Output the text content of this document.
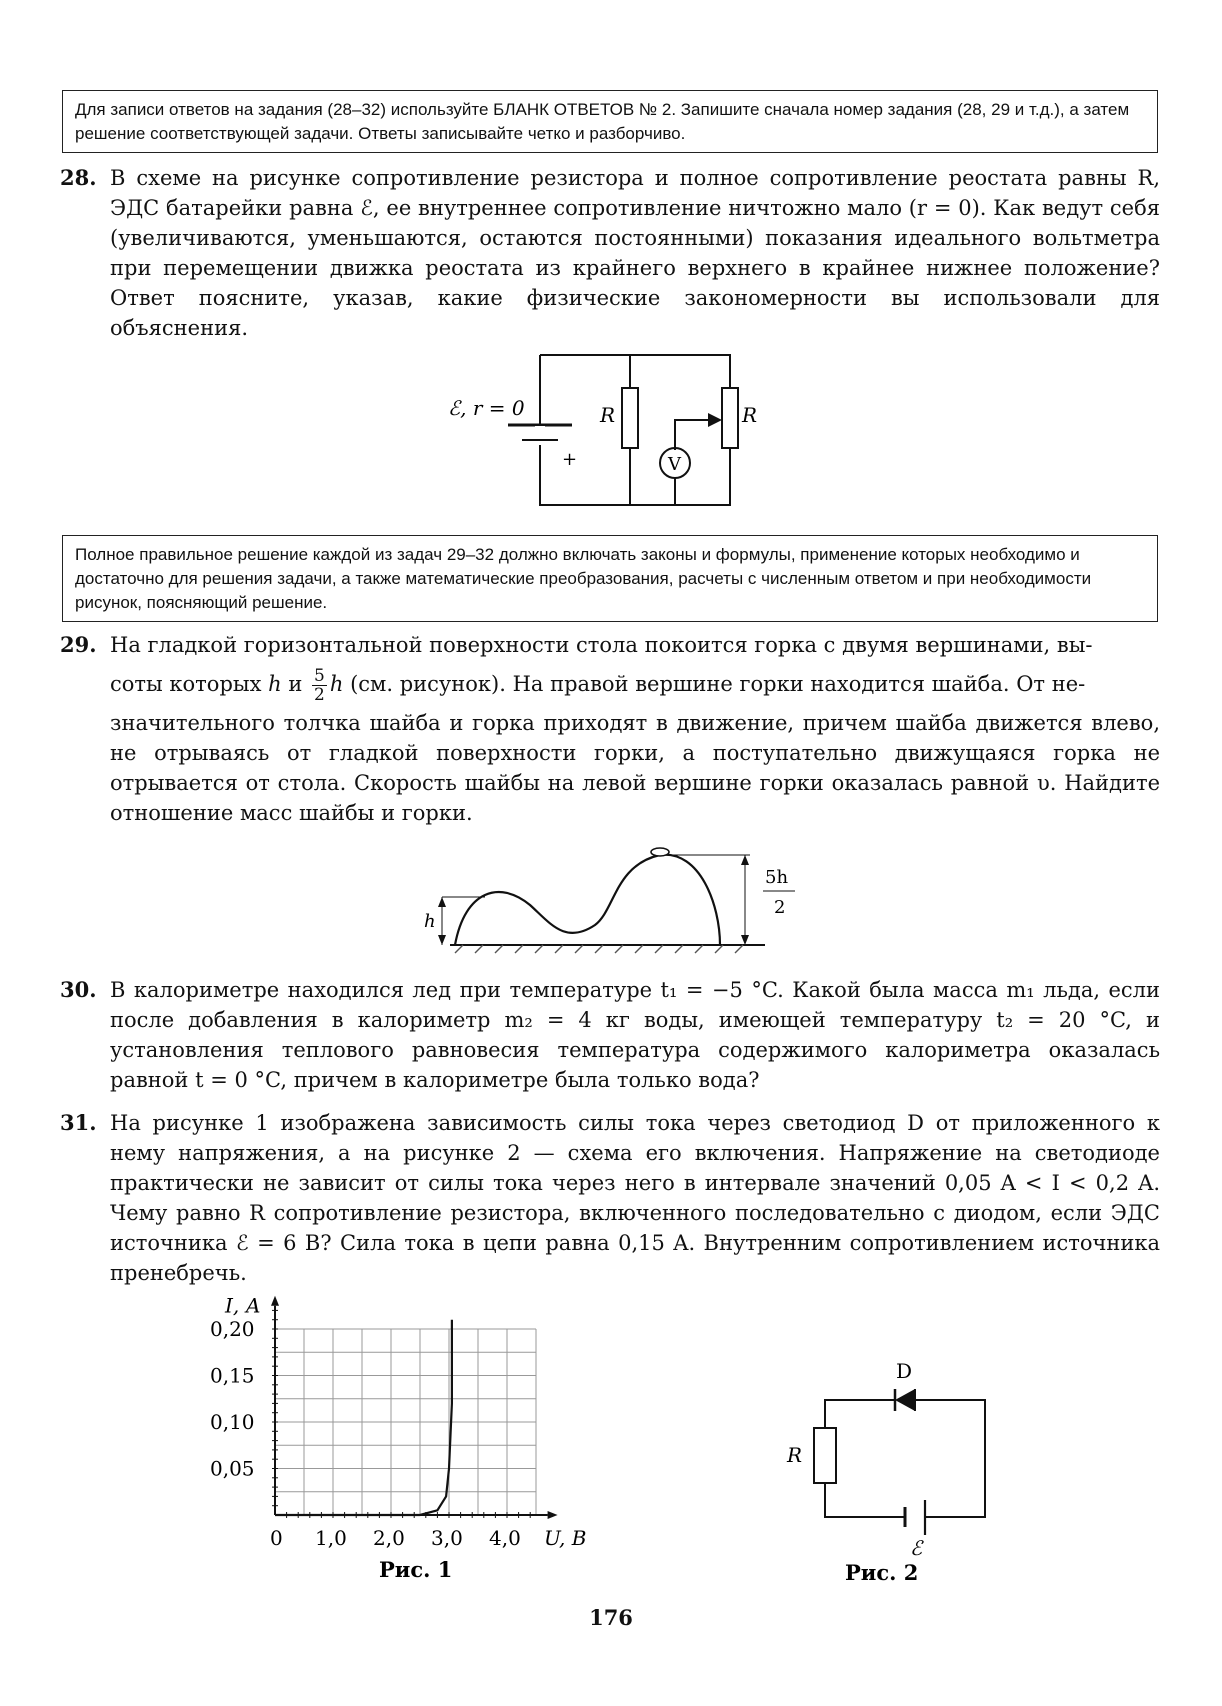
Для записи ответов на задания (28–32) используйте БЛАНК ОТВЕТОВ № 2. Запишите сначала номер задания (28, 29 и т.д.), а затем решение соответствующей задачи. Ответы записывайте четко и разборчиво.
28. В схеме на рисунке сопротивление резистора и полное сопротивление реостата равны R, ЭДС батарейки равна ℰ, ее внутреннее сопротивление ничтожно мало (r = 0). Как ведут себя (увеличиваются, уменьшаются, остаются постоянными) показания идеального вольтметра при перемещении движка реостата из крайнего верхнего в крайнее нижнее положение? Ответ поясните, указав, какие физические закономерности вы использовали для объяснения.
ℰ, r = 0
+
R	R
V
Полное правильное решение каждой из задач 29–32 должно включать законы и формулы, применение которых необходимо и достаточно для решения задачи, а также математические преобразования, расчеты с численным ответом и при необходимости рисунок, поясняющий решение.
29. На гладкой горизонтальной поверхности стола покоится горка с двумя вершинами, вы-
соты которых h и $\frac{5}{2}$ h (см. рисунок). На правой вершине горки находится шайба. От не-
значительного толчка шайба и горка приходят в движение, причем шайба движется влево, не отрываясь от гладкой поверхности горки, а поступательно движущаяся горка не отрывается от стола. Скорость шайбы на левой вершине горки оказалась равной υ. Найдите отношение масс шайбы и горки.
h
5h
2
30. В калориметре находился лед при температуре t₁ = −5 °C. Какой была масса m₁ льда, если после добавления в калориметр m₂ = 4 кг воды, имеющей температуру t₂ = 20 °C, и установления теплового равновесия температура содержимого калориметра оказалась равной t = 0 °C, причем в калориметре была только вода?
31. На рисунке 1 изображена зависимость силы тока через светодиод D от приложенного к нему напряжения, а на рисунке 2 — схема его включения. Напряжение на светодиоде практически не зависит от силы тока через него в интервале значений 0,05 A < I < 0,2 A. Чему равно R сопротивление резистора, включенного последовательно с диодом, если ЭДС источника ℰ = 6 В? Сила тока в цепи равна 0,15 A. Внутренним сопротивлением источника пренебречь.
0 1,0 2,0 3,0 4,0
0,05
0,10
0,15
0,20
U, В
I, А
Рис. 1
D
R
ℰ
Рис. 2
176
